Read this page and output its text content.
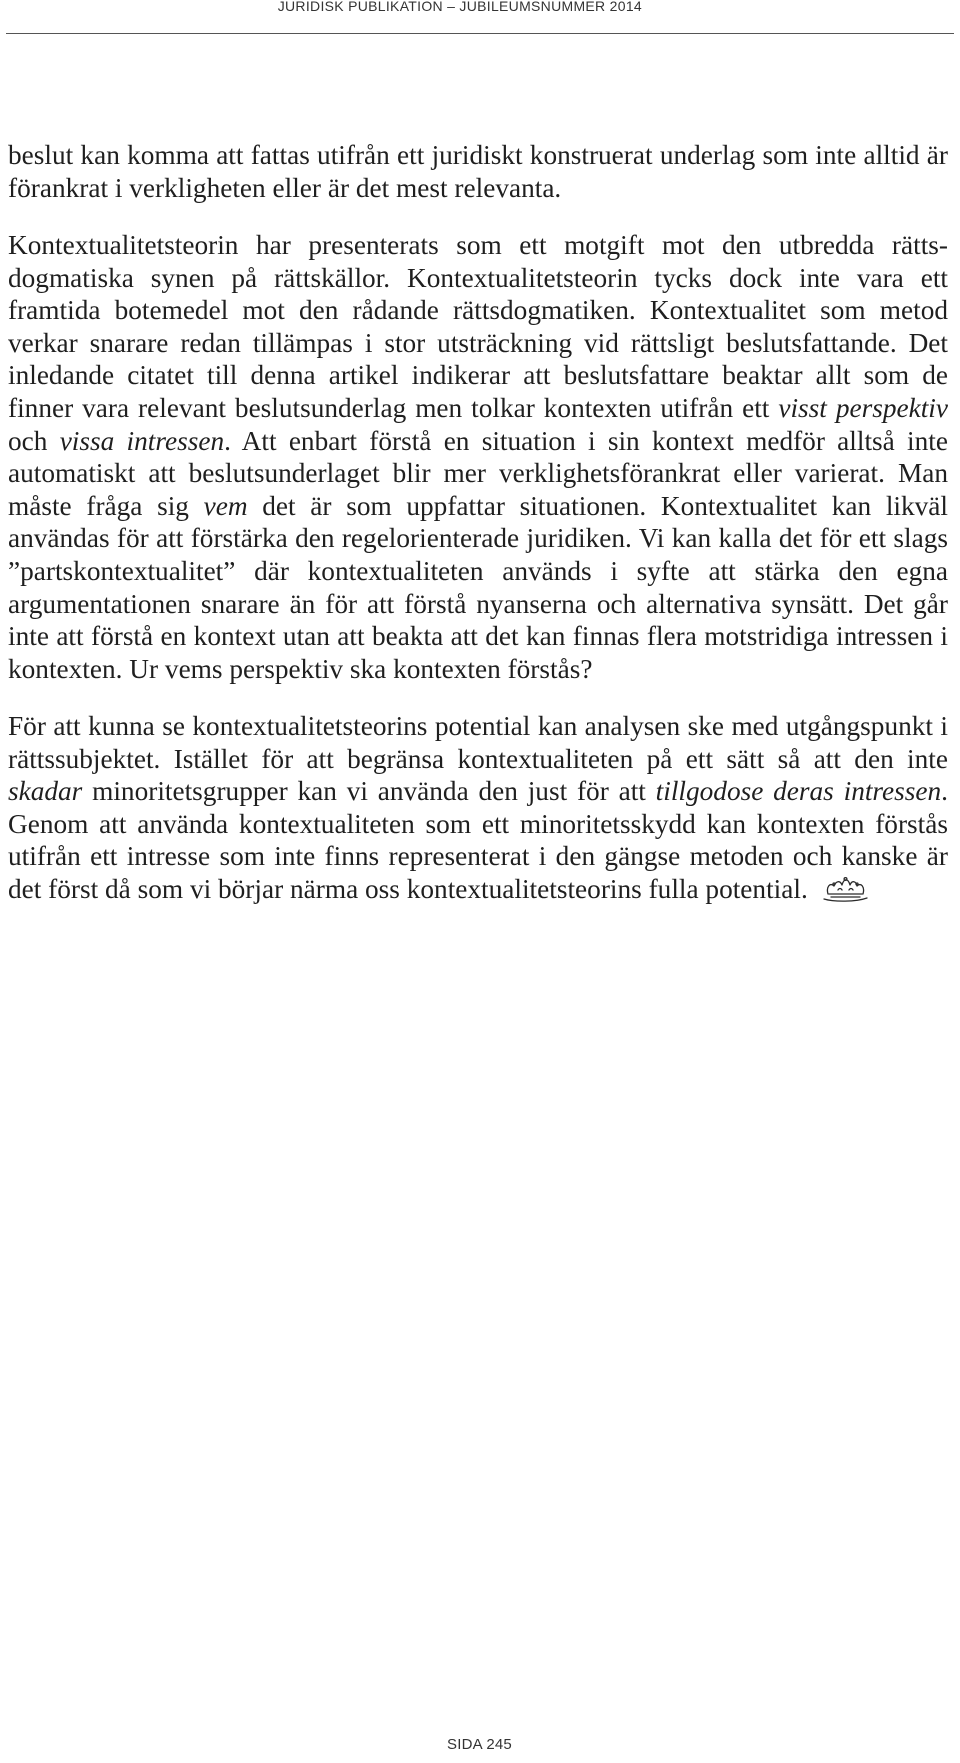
JURIDISK PUBLIKATION – JUBILEUMSNUMMER 2014

beslut kan komma att fattas utifrån ett juridiskt konstruerat underlag som inte alltid är förankrat i verkligheten eller är det mest relevanta.

Kontextualitetsteorin har presenterats som ett motgift mot den utbredda rättsdogmatiska synen på rättskällor. Kontextualitetsteorin tycks dock inte vara ett framtida botemedel mot den rådande rättsdogmatiken. Kontextualitet som metod verkar snarare redan tillämpas i stor utsträckning vid rättsligt beslutsfattande. Det inledande citatet till denna artikel indikerar att beslutsfattare beaktar allt som de finner vara relevant beslutsunderlag men tolkar kontexten utifrån ett visst perspektiv och vissa intressen. Att enbart förstå en situation i sin kontext medför alltså inte automatiskt att beslutsunderlaget blir mer verklighetsförankrat eller varierat. Man måste fråga sig vem det är som uppfattar situationen. Kontextualitet kan likväl användas för att förstärka den regelorienterade juridiken. Vi kan kalla det för ett slags ”partskontextualitet” där kontextualiteten används i syfte att stärka den egna argumentationen snarare än för att förstå nyanserna och alternativa synsätt. Det går inte att förstå en kontext utan att beakta att det kan finnas flera motstridiga intressen i kontexten. Ur vems perspektiv ska kontexten förstås?

För att kunna se kontextualitetsteorins potential kan analysen ske med utgångspunkt i rättssubjektet. Istället för att begränsa kontextualiteten på ett sätt så att den inte skadar minoritetsgrupper kan vi använda den just för att tillgodose deras intressen. Genom att använda kontextualiteten som ett minoritetsskydd kan kontexten förstås utifrån ett intresse som inte finns representerat i den gängse metoden och kanske är det först då som vi börjar närma oss kontextualitetsteorins fulla potential.

SIDA 245
